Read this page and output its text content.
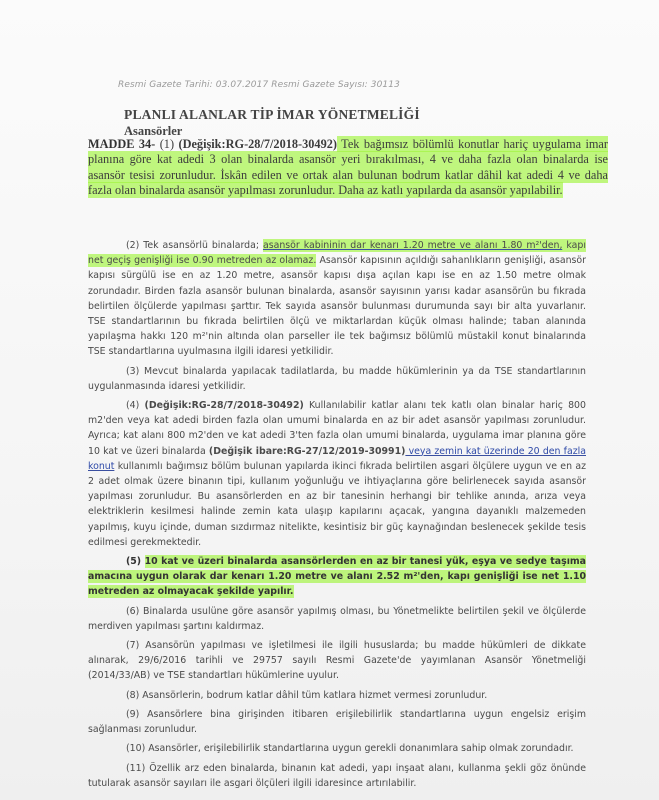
Resmi Gazete Tarihi: 03.07.2017 Resmi Gazete Sayısı: 30113
PLANLI ALANLAR TİP İMAR YÖNETMELİĞİ
Asansörler
MADDE 34- (1) (Değişik:RG-28/7/2018-30492) Tek bağımsız bölümlü konutlar hariç uygulama imar planına göre kat adedi 3 olan binalarda asansör yeri bırakılması, 4 ve daha fazla olan binalarda ise asansör tesisi zorunludur. İskân edilen ve ortak alan bulunan bodrum katlar dâhil kat adedi 4 ve daha fazla olan binalarda asansör yapılması zorunludur. Daha az katlı yapılarda da asansör yapılabilir.

(2) Tek asansörlü binalarda; asansör kabininin dar kenarı 1.20 metre ve alanı 1.80 m²'den, kapı net geçiş genişliği ise 0.90 metreden az olamaz. Asansör kapısının açıldığı sahanlıkların genişliği, asansör kapısı sürgülü ise en az 1.20 metre, asansör kapısı dışa açılan kapı ise en az 1.50 metre olmak zorundadır. Birden fazla asansör bulunan binalarda, asansör sayısının yarısı kadar asansörün bu fıkrada belirtilen ölçülerde yapılması şarttır. Tek sayıda asansör bulunması durumunda sayı bir alta yuvarlanır. TSE standartlarının bu fıkrada belirtilen ölçü ve miktarlardan küçük olması halinde; taban alanında yapılaşma hakkı 120 m²'nin altında olan parseller ile tek bağımsız bölümlü müstakil konut binalarında TSE standartlarına uyulmasına ilgili idaresi yetkilidir.

(3) Mevcut binalarda yapılacak tadilatlarda, bu madde hükümlerinin ya da TSE standartlarının uygulanmasında idaresi yetkilidir.

(4) (Değişik:RG-28/7/2018-30492) Kullanılabilir katlar alanı tek katlı olan binalar hariç 800 m2'den veya kat adedi birden fazla olan umumi binalarda en az bir adet asansör yapılması zorunludur. Ayrıca; kat alanı 800 m2'den ve kat adedi 3'ten fazla olan umumi binalarda, uygulama imar planına göre 10 kat ve üzeri binalarda (Değişik ibare:RG-27/12/2019-30991) veya zemin kat üzerinde 20 den fazla konut kullanımlı bağımsız bölüm bulunan yapılarda ikinci fıkrada belirtilen asgari ölçülere uygun ve en az 2 adet olmak üzere binanın tipi, kullanım yoğunluğu ve ihtiyaçlarına göre belirlenecek sayıda asansör yapılması zorunludur. Bu asansörlerden en az bir tanesinin herhangi bir tehlike anında, arıza veya elektriklerin kesilmesi halinde zemin kata ulaşıp kapılarını açacak, yangına dayanıklı malzemeden yapılmış, kuyu içinde, duman sızdırmaz nitelikte, kesintisiz bir güç kaynağından beslenecek şekilde tesis edilmesi gerekmektedir.

(5) 10 kat ve üzeri binalarda asansörlerden en az bir tanesi yük, eşya ve sedye taşıma amacına uygun olarak dar kenarı 1.20 metre ve alanı 2.52 m²'den, kapı genişliği ise net 1.10 metreden az olmayacak şekilde yapılır.

(6) Binalarda usulüne göre asansör yapılmış olması, bu Yönetmelikte belirtilen şekil ve ölçülerde merdiven yapılması şartını kaldırmaz.

(7) Asansörün yapılması ve işletilmesi ile ilgili hususlarda; bu madde hükümleri de dikkate alınarak, 29/6/2016 tarihli ve 29757 sayılı Resmi Gazete'de yayımlanan Asansör Yönetmeliği (2014/33/AB) ve TSE standartları hükümlerine uyulur.

(8) Asansörlerin, bodrum katlar dâhil tüm katlara hizmet vermesi zorunludur.

(9) Asansörlere bina girişinden itibaren erişilebilirlik standartlarına uygun engelsiz erişim sağlanması zorunludur.

(10) Asansörler, erişilebilirlik standartlarına uygun gerekli donanımlara sahip olmak zorundadır.

(11) Özellik arz eden binalarda, binanın kat adedi, yapı inşaat alanı, kullanma şekli göz önünde tutularak asansör sayıları ile asgari ölçüleri ilgili idaresince artırılabilir.
